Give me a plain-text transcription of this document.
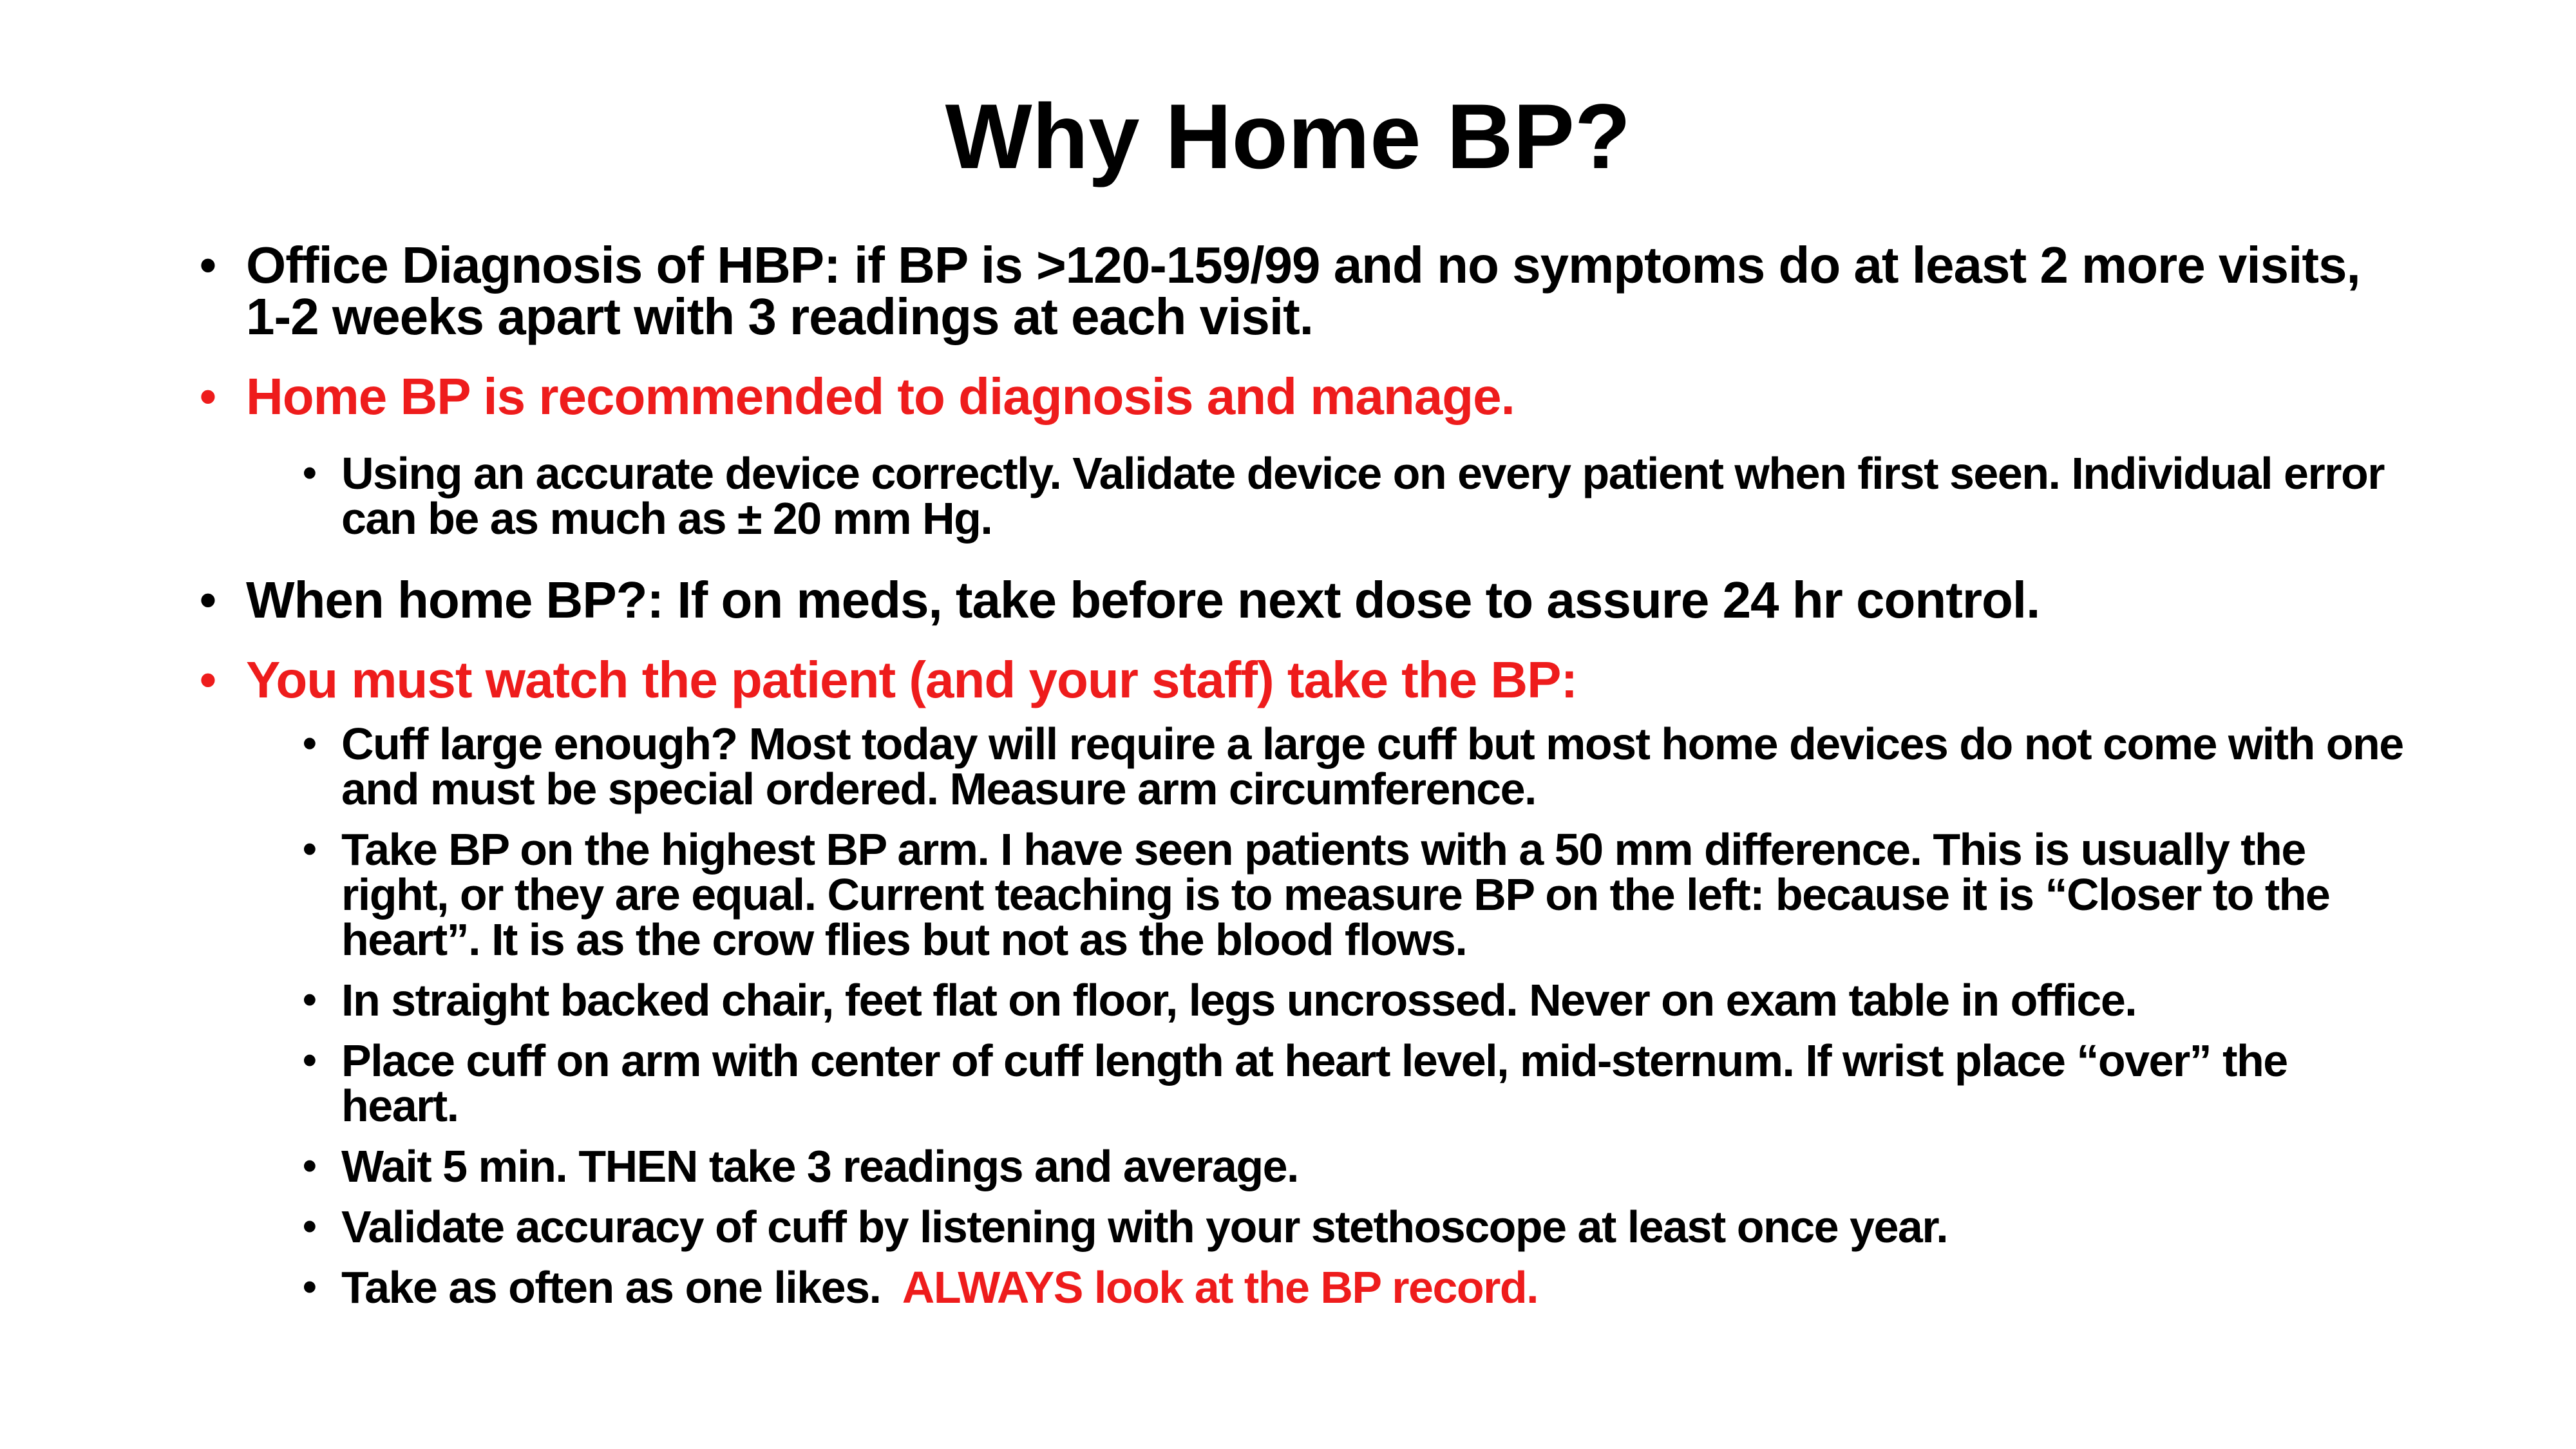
Why Home BP?
• Office Diagnosis of HBP: if BP is >120-159/99 and no symptoms do at least 2 more visits, 1-2 weeks apart with 3 readings at each visit.
• Home BP is recommended to diagnosis and manage.
• Using an accurate device correctly. Validate device on every patient when first seen. Individual error can be as much as ± 20 mm Hg.
• When home BP?: If on meds, take before next dose to assure 24 hr control.
• You must watch the patient (and your staff) take the BP:
• Cuff large enough? Most today will require a large cuff but most home devices do not come with one and must be special ordered. Measure arm circumference.
• Take BP on the highest BP arm. I have seen patients with a 50 mm difference. This is usually the right, or they are equal. Current teaching is to measure BP on the left: because it is “Closer to the heart”. It is as the crow flies but not as the blood flows.
• In straight backed chair, feet flat on floor, legs uncrossed. Never on exam table in office.
• Place cuff on arm with center of cuff length at heart level, mid-sternum. If wrist place “over” the heart.
• Wait 5 min. THEN take 3 readings and average.
• Validate accuracy of cuff by listening with your stethoscope at least once year.
• Take as often as one likes.  ALWAYS look at the BP record.
